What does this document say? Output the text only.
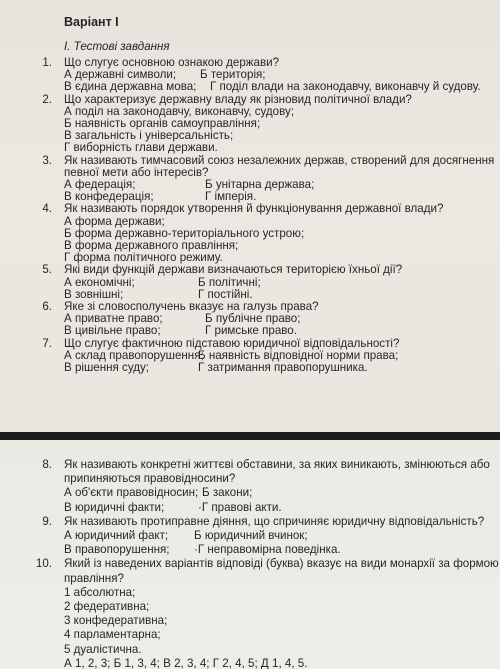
Варіант I
I. Тестові завдання
1. Що слугує основною ознакою держави?
А державні символи; Б територія;
В єдина державна мова; Г поділ влади на законодавчу, виконавчу й судову.
2. Що характеризує державну владу як різновид політичної влади?
А поділ на законодавчу, виконавчу, судову;
Б наявність органів самоуправління;
В загальність і універсальність;
Г виборність глави держави.
3. Як називають тимчасовий союз незалежних держав, створений для досягнення
певної мети або інтересів?
А федерація;	Б унітарна держава;
В конфедерація;	Г імперія.
4. Як називають порядок утворення й функціонування державної влади?
А форма держави;
Б форма державно-територіального устрою;
В форма державного правління;
Г форма політичного режиму.
5. Які види функцій держави визначаються територією їхньої дії?
А економічні;	Б політичні;
В зовнішні;	Г постійні.
6. Яке зі словосполучень вказує на галузь права?
А приватне право;	Б публічне право;
В цивільне право;	Г римське право.
7. Що слугує фактичною підставою юридичної відповідальності?
А склад правопорушення;
Б наявність відповідної норми права;
В рішення суду;	Г затримання правопорушника.
8. Як називають конкретні життєві обставини, за яких виникають, змінюються або
припиняються правовідносини?
А об'єкти правовідносин; Б закони;
В юридичні факти;	·Г правові акти.
9. Як називають протиправне діяння, що спричиняє юридичну відповідальність?
А юридичний факт; Б юридичний вчинок;
В правопорушення; ·Г неправомірна поведінка.
10. Який із наведених варіантів відповіді (буква) вказує на види монархії за формою
правління?
1 абсолютна;
2 федеративна;
3 конфедеративна;
4 парламентарна;
5 дуалістична.
А 1, 2, 3; Б 1, 3, 4; В 2, 3, 4; Г 2, 4, 5; Д 1, 4, 5.
